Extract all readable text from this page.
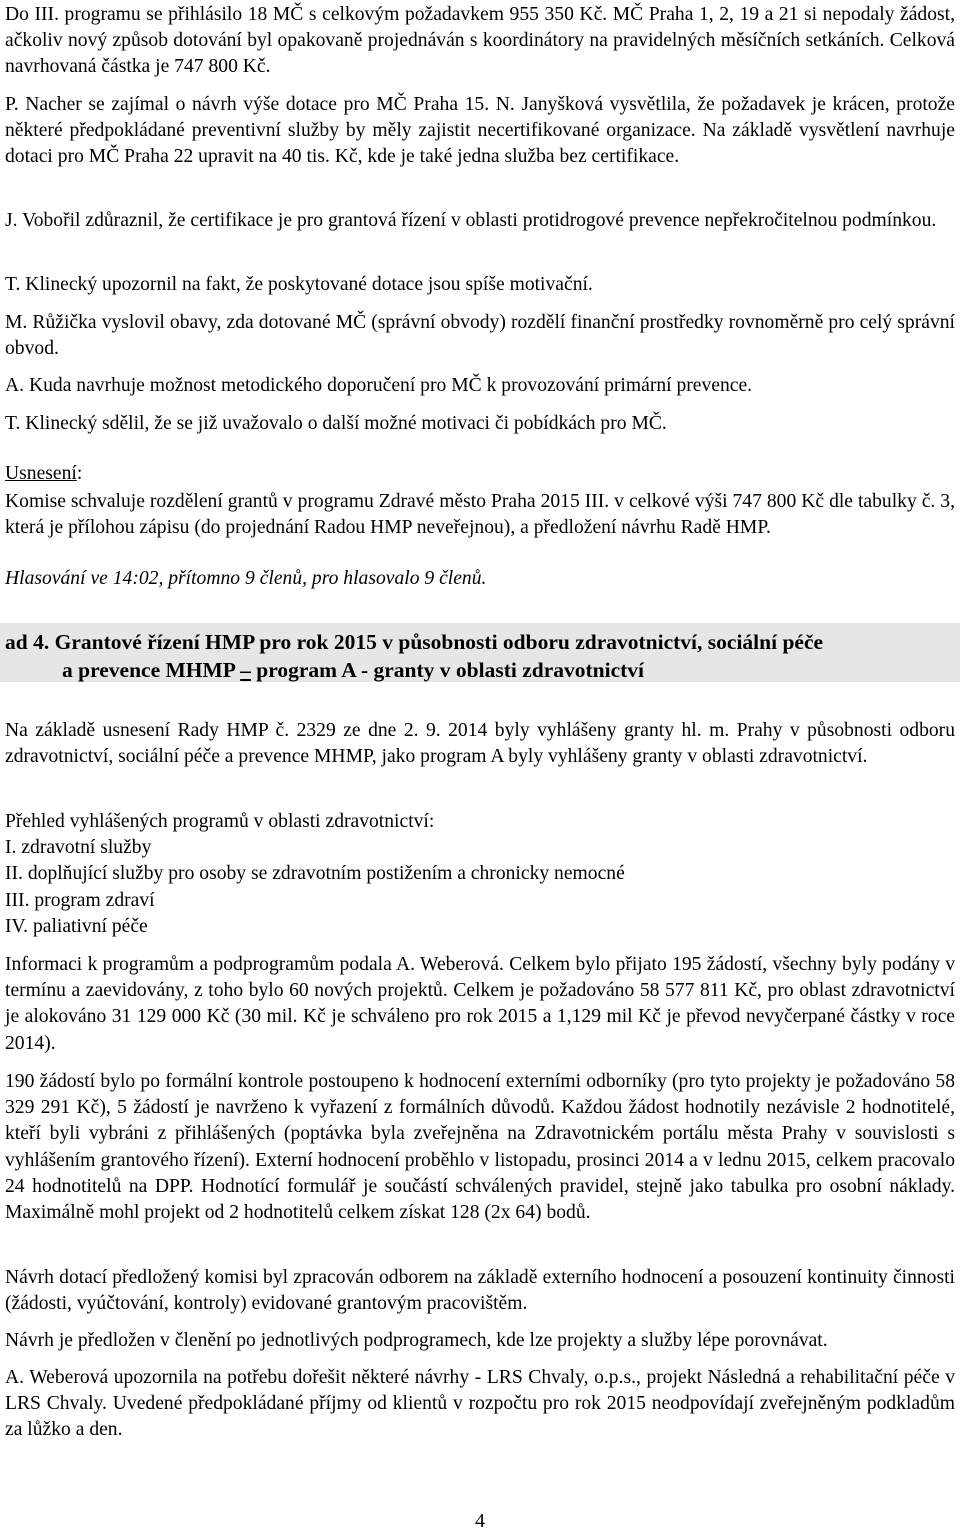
Do III. programu se přihlásilo 18 MČ s celkovým požadavkem 955 350 Kč. MČ Praha 1, 2, 19 a 21 si nepodaly žádost, ačkoliv nový způsob dotování byl opakovaně projednáván s koordinátory na pravidelných měsíčních setkáních. Celková navrhovaná částka je 747 800 Kč.

P. Nacher se zajímal o návrh výše dotace pro MČ Praha 15. N. Janyšková vysvětlila, že požadavek je krácen, protože některé předpokládané preventivní služby by měly zajistit necertifikované organizace. Na základě vysvětlení navrhuje dotaci pro MČ Praha 22 upravit na 40 tis. Kč, kde je také jedna služba bez certifikace.

J. Vobořil zdůraznil, že certifikace je pro grantová řízení v oblasti protidrogové prevence nepřekročitelnou podmínkou.

T. Klinecký upozornil na fakt, že poskytované dotace jsou spíše motivační.

M. Růžička vyslovil obavy, zda dotované MČ (správní obvody) rozdělí finanční prostředky rovnoměrně pro celý správní obvod.

A. Kuda navrhuje možnost metodického doporučení pro MČ k provozování primární prevence.

T. Klinecký sdělil, že se již uvažovalo o další možné motivaci či pobídkách pro MČ.

Usnesení:

Komise schvaluje rozdělení grantů v programu Zdravé město Praha 2015 III. v celkové výši 747 800 Kč dle tabulky č. 3, která je přílohou zápisu (do projednání Radou HMP neveřejnou), a předložení návrhu Radě HMP.

Hlasování ve 14:02, přítomno 9 členů, pro hlasovalo 9 členů.

ad 4. Grantové řízení HMP pro rok 2015 v působnosti odboru zdravotnictví, sociální péče
a prevence MHMP – program A - granty v oblasti zdravotnictví

Na základě usnesení Rady HMP č. 2329 ze dne 2. 9. 2014 byly vyhlášeny granty hl. m. Prahy v působnosti odboru zdravotnictví, sociální péče a prevence MHMP, jako program A byly vyhlášeny granty v oblasti zdravotnictví.

Přehled vyhlášených programů v oblasti zdravotnictví:
I. zdravotní služby
II. doplňující služby pro osoby se zdravotním postižením a chronicky nemocné
III. program zdraví
IV. paliativní péče

Informaci k programům a podprogramům podala A. Weberová. Celkem bylo přijato 195 žádostí, všechny byly podány v termínu a zaevidovány, z toho bylo 60 nových projektů. Celkem je požadováno 58 577 811 Kč, pro oblast zdravotnictví je alokováno 31 129 000 Kč (30 mil. Kč je schváleno pro rok 2015 a 1,129 mil Kč je převod nevyčerpané částky v roce 2014).

190 žádostí bylo po formální kontrole postoupeno k hodnocení externími odborníky (pro tyto projekty je požadováno 58 329 291 Kč), 5 žádostí je navrženo k vyřazení z formálních důvodů. Každou žádost hodnotily nezávisle 2 hodnotitelé, kteří byli vybráni z přihlášených (poptávka byla zveřejněna na Zdravotnickém portálu města Prahy v souvislosti s vyhlášením grantového řízení). Externí hodnocení proběhlo v listopadu, prosinci 2014 a v lednu 2015, celkem pracovalo 24 hodnotitelů na DPP. Hodnotící formulář je součástí schválených pravidel, stejně jako tabulka pro osobní náklady. Maximálně mohl projekt od 2 hodnotitelů celkem získat 128 (2x 64) bodů.

Návrh dotací předložený komisi byl zpracován odborem na základě externího hodnocení a posouzení kontinuity činnosti (žádosti, vyúčtování, kontroly) evidované grantovým pracovištěm.

Návrh je předložen v členění po jednotlivých podprogramech, kde lze projekty a služby lépe porovnávat.

A. Weberová upozornila na potřebu dořešit některé návrhy - LRS Chvaly, o.p.s., projekt Následná a rehabilitační péče v LRS Chvaly. Uvedené předpokládané příjmy od klientů v rozpočtu pro rok 2015 neodpovídají zveřejněným podkladům za lůžko a den.

4
